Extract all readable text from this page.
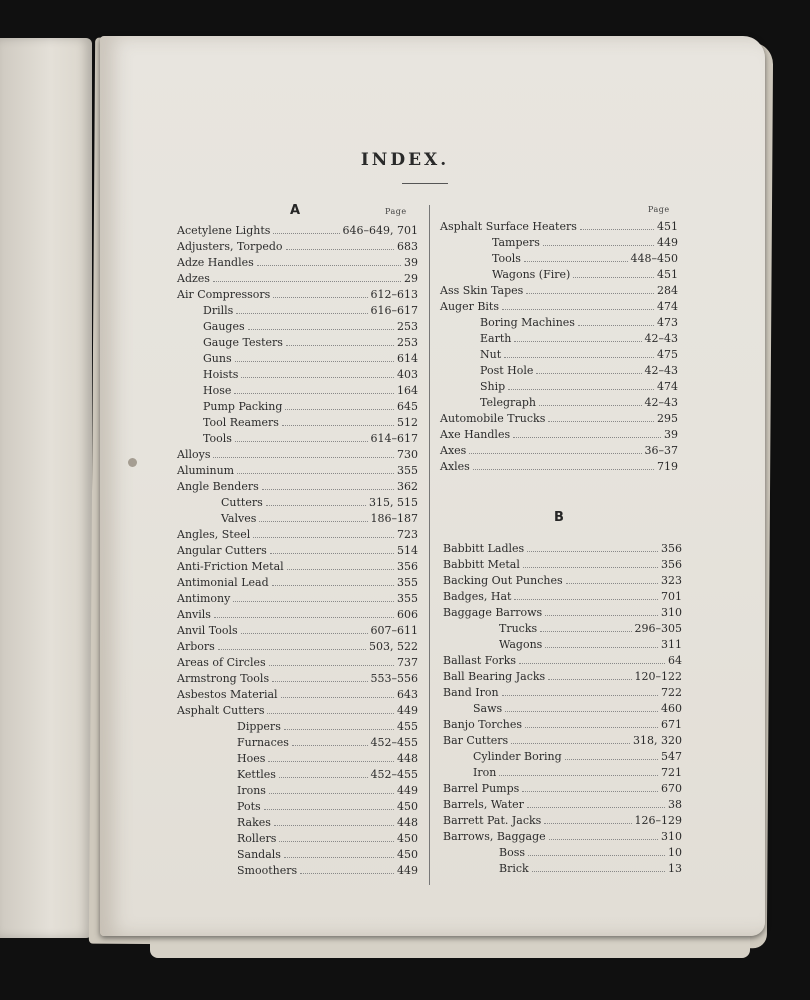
INDEX.
A	Page	Page
B
Acetylene Lights	646–649, 701
Adjusters, Torpedo	683
Adze Handles	39
Adzes	29
Air Compressors	612–613
Drills	616–617
Gauges	253
Gauge Testers	253
Guns	614
Hoists	403
Hose	164
Pump Packing	645
Tool Reamers	512
Tools	614–617
Alloys	730
Aluminum	355
Angle Benders	362
Cutters	315, 515
Valves	186–187
Angles, Steel	723
Angular Cutters	514
Anti-Friction Metal	356
Antimonial Lead	355
Antimony	355
Anvils	606
Anvil Tools	607–611
Arbors	503, 522
Areas of Circles	737
Armstrong Tools	553–556
Asbestos Material	643
Asphalt Cutters	449
Dippers	455
Furnaces	452–455
Hoes	448
Kettles	452–455
Irons	449
Pots	450
Rakes	448
Rollers	450
Sandals	450
Smoothers	449
Asphalt Surface Heaters	451
Tampers	449
Tools	448–450
Wagons (Fire)	451
Ass Skin Tapes	284
Auger Bits	474
Boring Machines	473
Earth	42–43
Nut	475
Post Hole	42–43
Ship	474
Telegraph	42–43
Automobile Trucks	295
Axe Handles	39
Axes	36–37
Axles	719
Babbitt Ladles	356
Babbitt Metal	356
Backing Out Punches	323
Badges, Hat	701
Baggage Barrows	310
Trucks	296–305
Wagons	311
Ballast Forks	64
Ball Bearing Jacks	120–122
Band Iron	722
Saws	460
Banjo Torches	671
Bar Cutters	318, 320
Cylinder Boring	547
Iron	721
Barrel Pumps	670
Barrels, Water	38
Barrett Pat. Jacks	126–129
Barrows, Baggage	310
Boss	10
Brick	13
